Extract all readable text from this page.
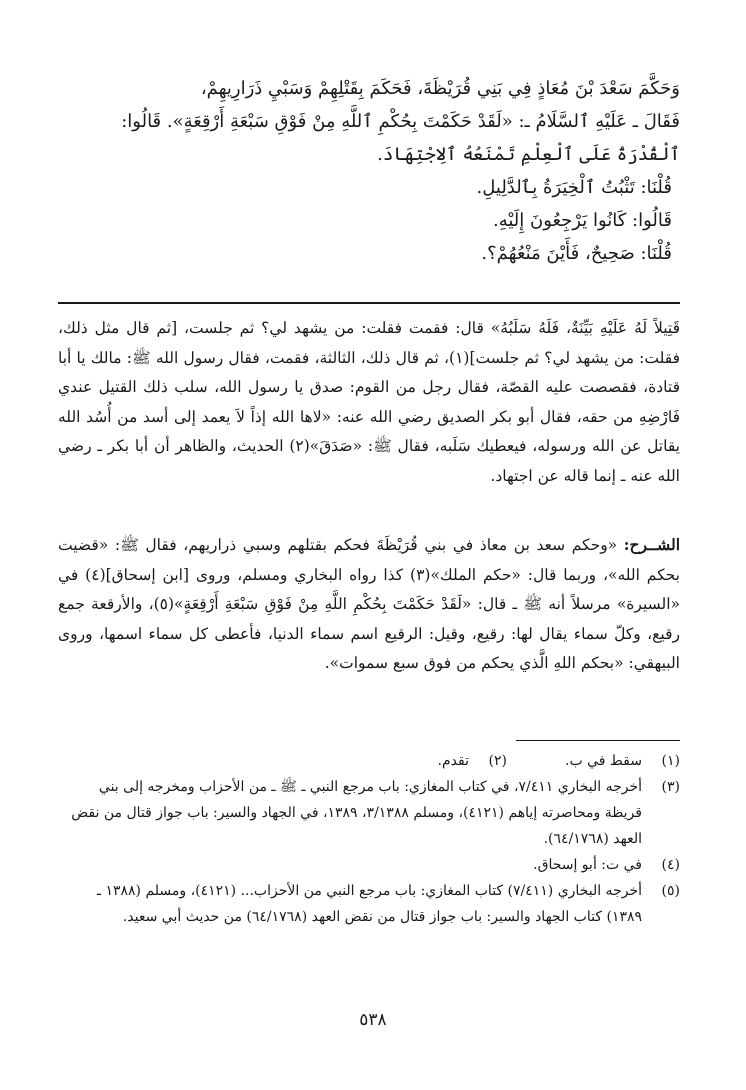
وَحَكَّمَ سَعْدَ بْنَ مُعَاذٍ فِي بَنِي قُرَيْظَةَ، فَحَكَمَ بِقَتْلِهِمْ وَسَبْيِ ذَرَارِيهِمْ،
فَقَالَ ـ عَلَيْهِ ٱلسَّلَامُ ـ: «لَقَدْ حَكَمْتَ بِحُكْمِ ٱللَّهِ مِنْ فَوْقِ سَبْعَةِ أَرْقِعَةٍ». قَالُوا:
ٱلْقُدْرَةُ عَلَى ٱلْعِلْمِ تَمْنَعُهُ ٱلِاجْتِهَادَ.
قُلْنَا: تَثْبُتُ ٱلْخِيَرَةُ بِٱلدَّلِيلِ.
قَالُوا: كَانُوا يَرْجِعُونَ إِلَيْهِ.
قُلْنَا: صَحِيحٌ، فَأَيْنَ مَنْعُهُمْ؟.
قَتِيلاً لَهُ عَلَيْهِ بَيِّنَةٌ، فَلَهُ سَلَبُهُ» قال: فقمت فقلت: من يشهد لي؟ ثم جلست، [ثم قال مثل ذلك، فقلت: من يشهد لي؟ ثم جلست](١)، ثم قال ذلك، الثالثة، فقمت، فقال رسول الله ﷺ: مالك يا أبا قتادة، فقصصت عليه القصّة، فقال رجل من القوم: صدق يا رسول الله، سلب ذلك القتيل عندي فَارْضِهِ من حقه، فقال أبو بكر الصديق رضي الله عنه: «لاها الله إذاً لاَ يعمد إلى أسد من أُسُد الله يقاتل عن الله ورسوله، فيعطيك سَلَبه، فقال ﷺ: «صَدَقَ»(٢) الحديث، والظاهر أن أبا بكر ـ رضي الله عنه ـ إنما قاله عن اجتهاد.
الشــرح: «وحكم سعد بن معاذ في بني قُرَيْظَةَ فحكم بقتلهم وسبي ذراريهم، فقال ﷺ: «قضيت بحكم الله»، وربما قال: «حكم الملك»(٣) كذا رواه البخاري ومسلم، وروى [ابن إسحاق](٤) في «السيرة» مرسلاً أنه ﷺ ـ قال: «لَقَدْ حَكَمْتَ بِحُكْمِ اللَّهِ مِنْ فَوْقِ سَبْعَةِ أَرْقِعَةٍ»(٥)، والأرقعة جمع رقيع، وكلّ سماء يقال لها: رقيع، وقيل: الرقيع اسم سماء الدنيا، فأعطى كل سماء اسمها، وروى البيهقي: «بحكم اللهِ الَّذي يحكم من فوق سبع سموات».
(١)
سقط في ب.
(٢)
تقدم.
(٣)
أخرجه البخاري ٧/٤١١، في كتاب المغازي: باب مرجع النبي ـ ﷺ ـ من الأحزاب ومخرجه إلى بني قريظة ومحاصرته إياهم (٤١٢١)، ومسلم ٣/١٣٨٨، ١٣٨٩، في الجهاد والسير: باب جواز قتال من نقض العهد (٦٤/١٧٦٨).
(٤)
في ت: أبو إسحاق.
(٥)
أخرجه البخاري (٧/٤١١) كتاب المغازي: باب مرجع النبي من الأحزاب... (٤١٢١)، ومسلم (١٣٨٨ ـ ١٣٨٩) كتاب الجهاد والسير: باب جواز قتال من نقض العهد (٦٤/١٧٦٨) من حديث أبي سعيد.
٥٣٨
